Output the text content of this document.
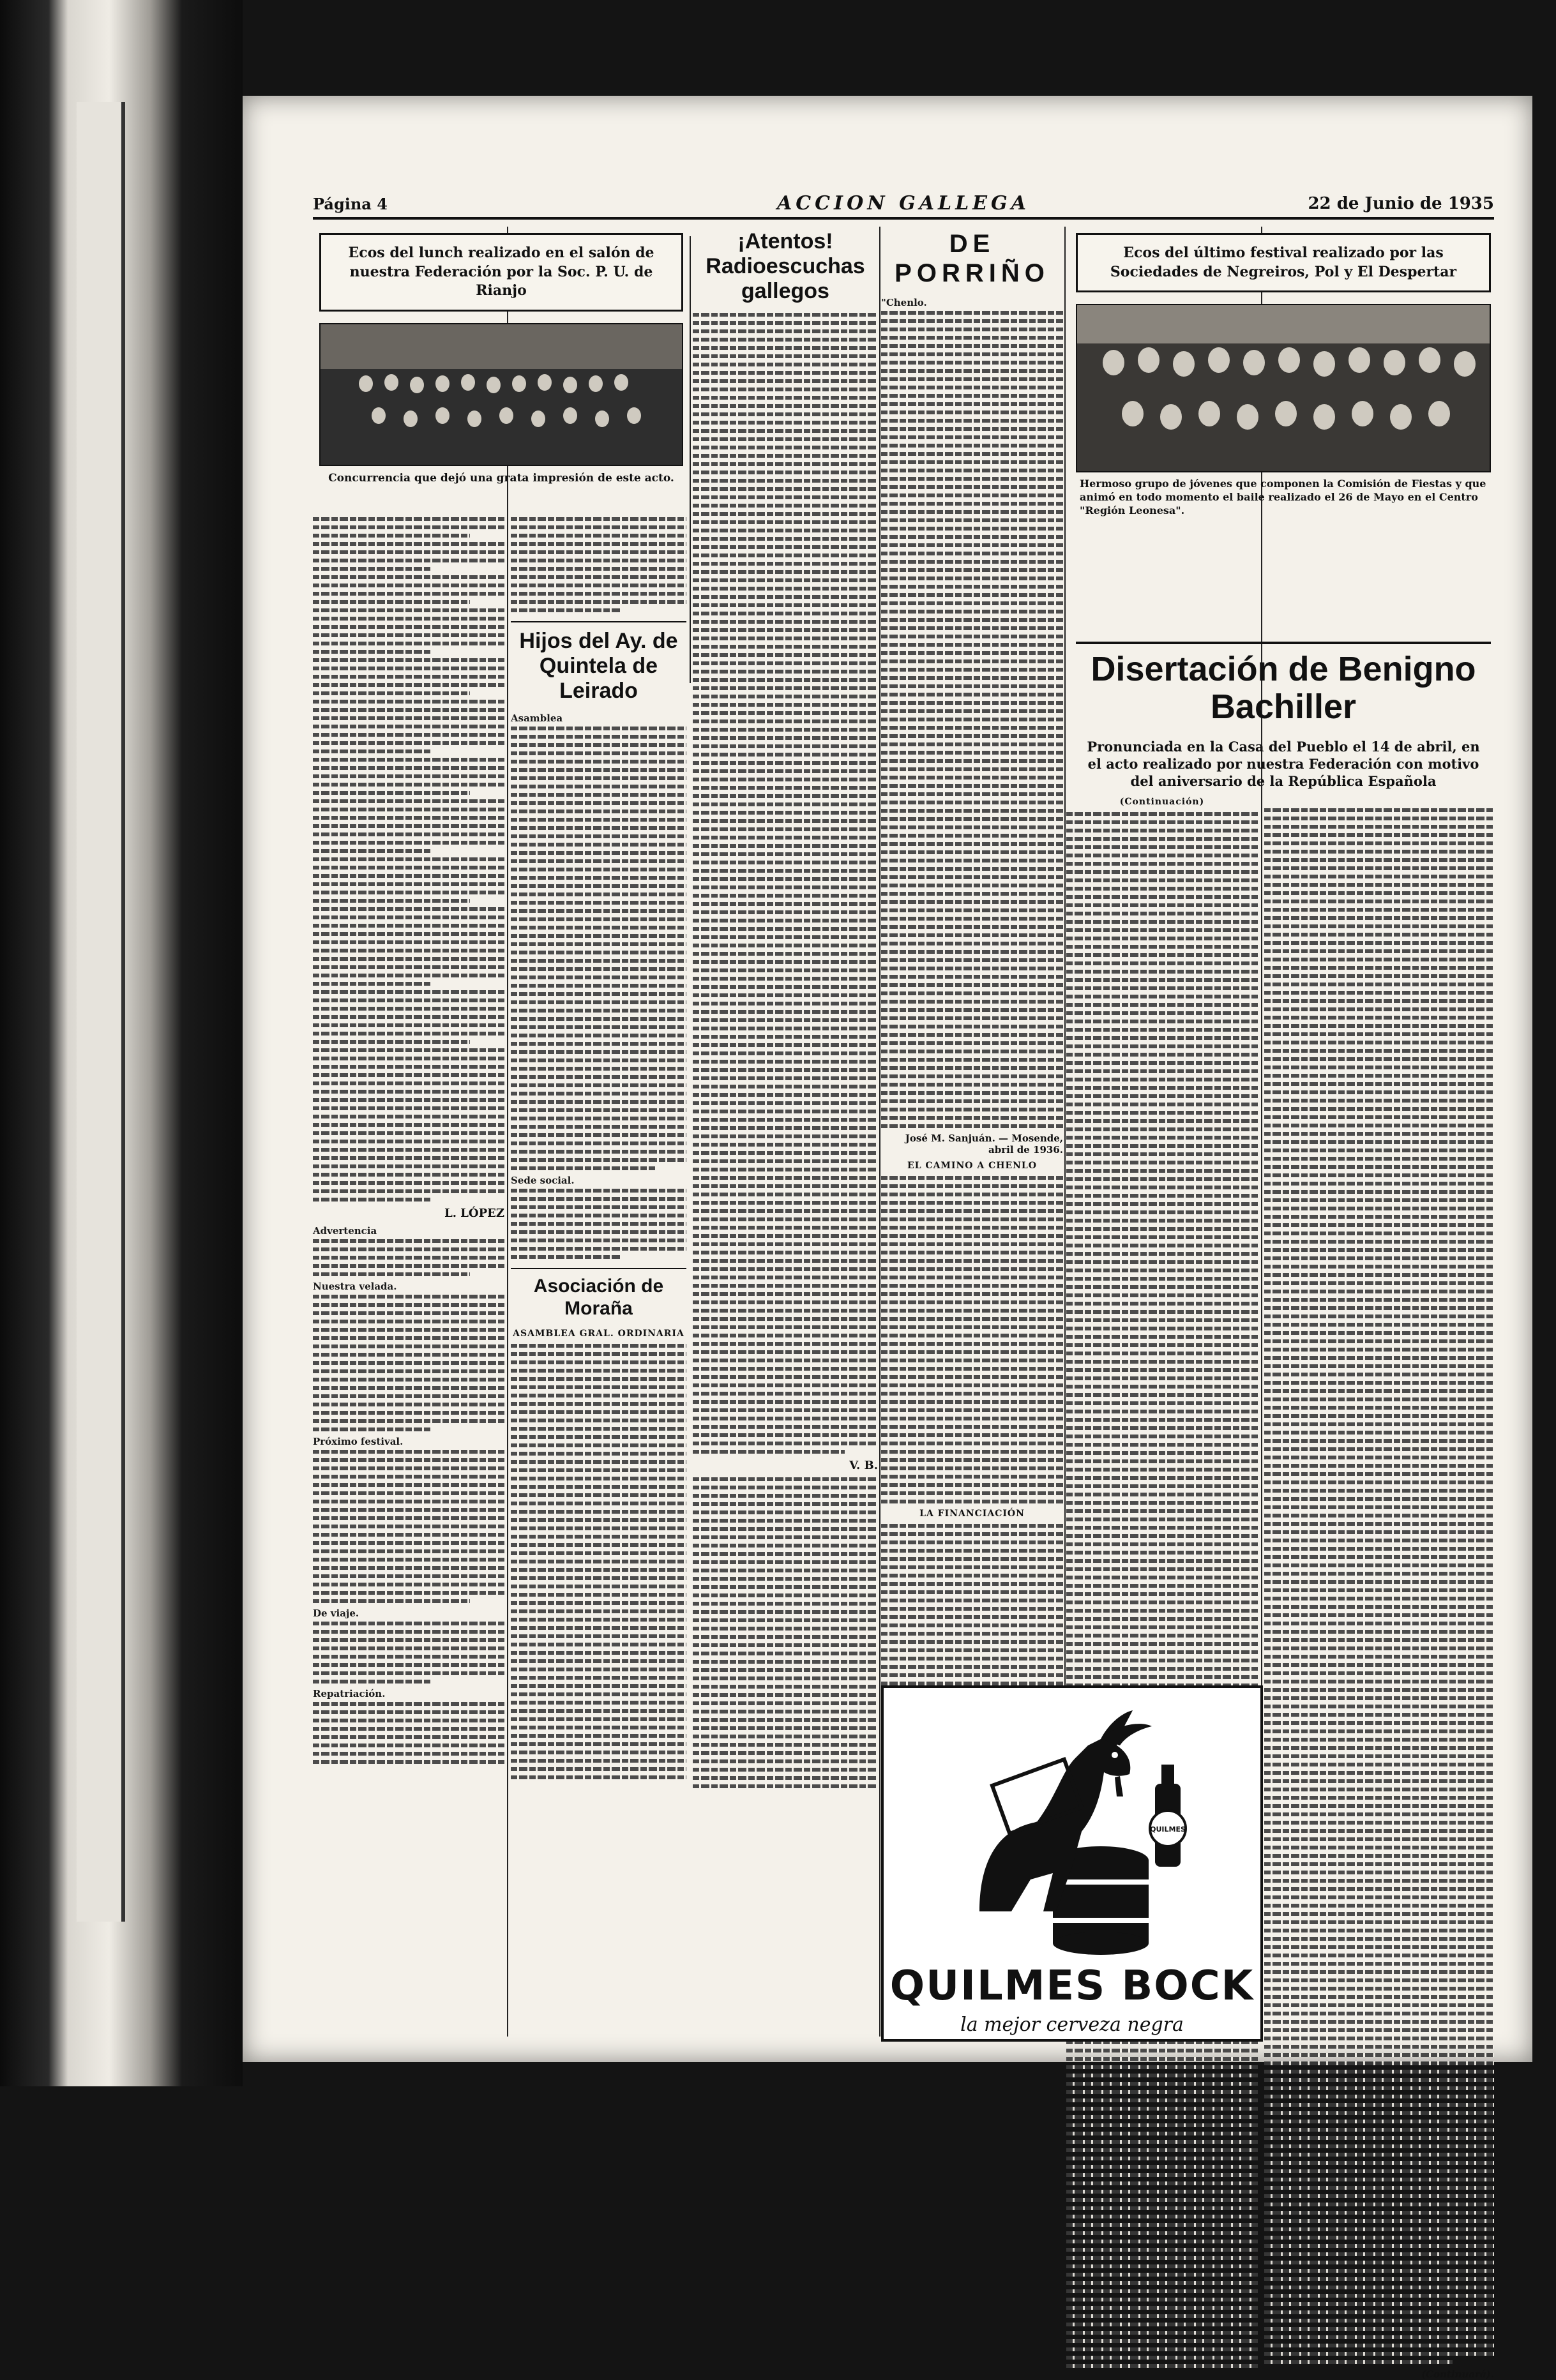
Página 4	ACCION GALLEGA	22 de Junio de 1935
Ecos del lunch realizado en el salón de nuestra Federación por la Soc. P. U. de Rianjo
Concurrencia que dejó una grata impresión de este acto.
L. LÓPEZ
Advertencia
Nuestra velada.
Próximo festival.
De viaje.
Repatriación.
Hijos del Ay. de Quintela de Leirado
Asamblea
Sede social.
Asociación de Moraña
ASAMBLEA GRAL. ORDINARIA
¡Atentos! Radioescuchas gallegos
V. B.
DE PORRIÑO
"Chenlo.
José M. Sanjuán. — Mosende, abril de 1936.
EL CAMINO A CHENLO
LA FINANCIACIÓN
Ecos del último festival realizado por las Sociedades de Negreiros, Pol y El Despertar
Hermoso grupo de jóvenes que componen la Comisión de Fiestas y que animó en todo momento el baile realizado el 26 de Mayo en el Centro "Región Leonesa".
Disertación de Benigno Bachiller
Pronunciada en la Casa del Pueblo el 14 de abril, en el acto realizado por nuestra Federación con motivo del aniversario de la República Española
(Continuación)
(Continuará).
QUILMES
QUILMES BOCK
la mejor cerveza negra
